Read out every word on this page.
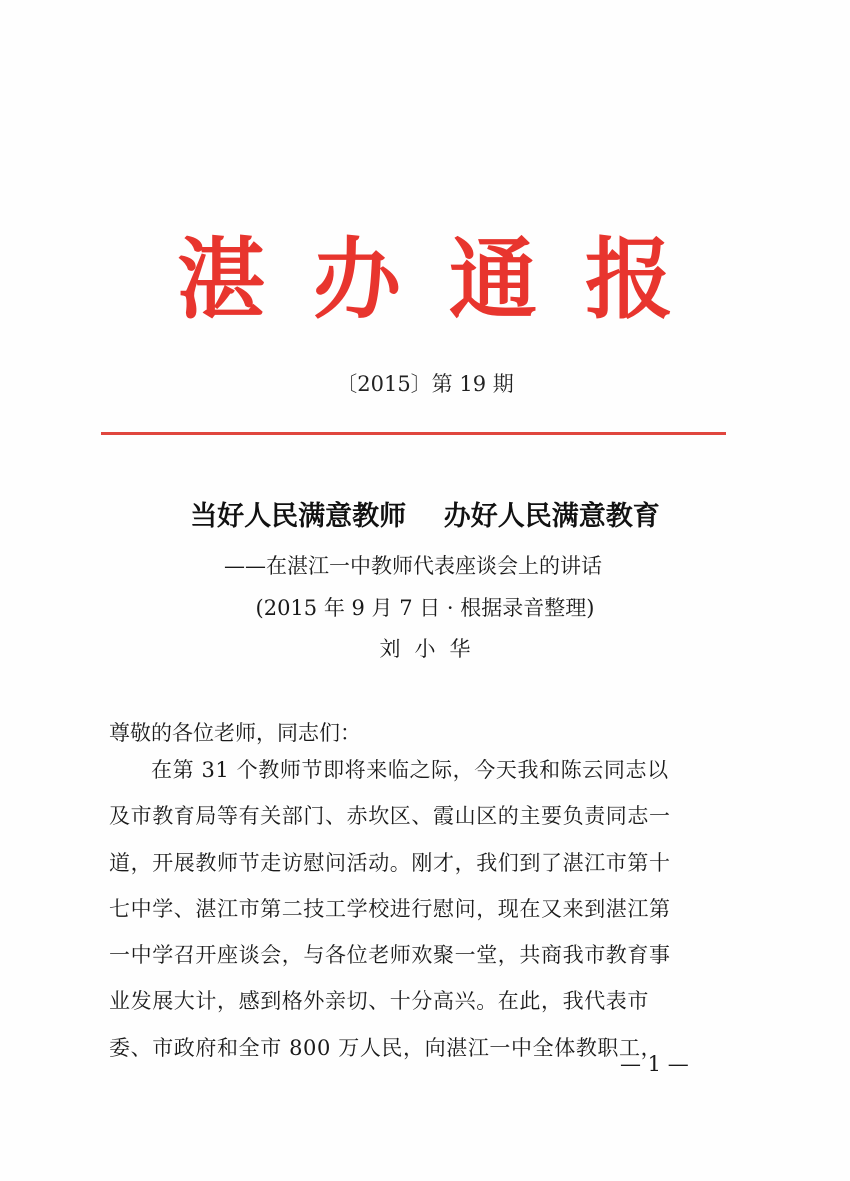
湛办通报
〔2015〕第 19 期
当好人民满意教师    办好人民满意教育
——在湛江一中教师代表座谈会上的讲话
(2015 年 9 月 7 日 · 根据录音整理)
刘小华
尊敬的各位老师，同志们：
在第 31 个教师节即将来临之际，今天我和陈云同志以
及市教育局等有关部门、赤坎区、霞山区的主要负责同志一
道，开展教师节走访慰问活动。刚才，我们到了湛江市第十
七中学、湛江市第二技工学校进行慰问，现在又来到湛江第
一中学召开座谈会，与各位老师欢聚一堂，共商我市教育事
业发展大计，感到格外亲切、十分高兴。在此，我代表市
委、市政府和全市 800 万人民，向湛江一中全体教职工，
— 1 —
